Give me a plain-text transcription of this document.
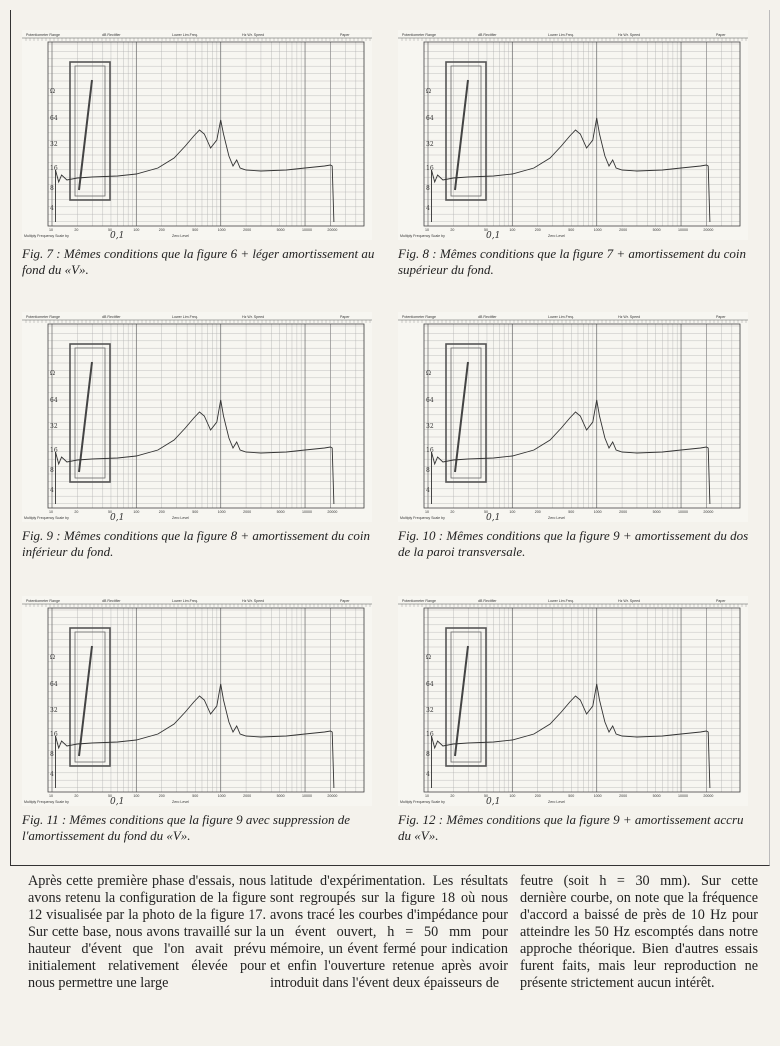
Potentiometer Range	dB Rectifier	Lower Lim.Freq.	Hz Wr. Speed	Paper
Ω
64
32
16
8
4
10	20	50	100	200	500	1000	2000	5000	10000	20000
Multiply Frequency Scale by	Zero Level
0,1
Fig. 7 : Mêmes conditions que la figure 6 + léger amortissement au fond du «V».
Potentiometer Range	dB Rectifier	Lower Lim.Freq.	Hz Wr. Speed	Paper
Ω
64
32
16
8
4
10	20	50	100	200	500	1000	2000	5000	10000	20000
Multiply Frequency Scale by	Zero Level
0,1
Fig. 8 : Mêmes conditions que la figure 7 + amortissement du coin supérieur du fond.
Potentiometer Range	dB Rectifier	Lower Lim.Freq.	Hz Wr. Speed	Paper
Ω
64
32
16
8
4
10	20	50	100	200	500	1000	2000	5000	10000	20000
Multiply Frequency Scale by	Zero Level
0,1
Fig. 9 : Mêmes conditions que la figure 8 + amortissement du coin inférieur du fond.
Potentiometer Range	dB Rectifier	Lower Lim.Freq.	Hz Wr. Speed	Paper
Ω
64
32
16
8
4
10	20	50	100	200	500	1000	2000	5000	10000	20000
Multiply Frequency Scale by	Zero Level
0,1
Fig. 10 : Mêmes conditions que la figure 9 + amortissement du dos de la paroi transversale.
Potentiometer Range	dB Rectifier	Lower Lim.Freq.	Hz Wr. Speed	Paper
Ω
64
32
16
8
4
10	20	50	100	200	500	1000	2000	5000	10000	20000
Multiply Frequency Scale by	Zero Level
0,1
Fig. 11 : Mêmes conditions que la figure 9 avec suppression de l'amortissement du fond du «V».
Potentiometer Range	dB Rectifier	Lower Lim.Freq.	Hz Wr. Speed	Paper
Ω
64
32
16
8
4
10	20	50	100	200	500	1000	2000	5000	10000	20000
Multiply Frequency Scale by	Zero Level
0,1
Fig. 12 : Mêmes conditions que la figure 9 + amortissement accru du «V».
Après cette première phase d'essais, nous avons retenu la configuration de la figure 12 visualisée par la photo de la figure 17. Sur cette base, nous avons travaillé sur la hauteur d'évent que l'on avait prévu initialement relativement élevée pour nous permettre une large
latitude d'expérimentation. Les résultats sont regroupés sur la figure 18 où nous avons tracé les courbes d'impédance pour un évent ouvert, h = 50 mm pour mémoire, un évent fermé pour indication et enfin l'ouverture retenue après avoir introduit dans l'évent deux épaisseurs de
feutre (soit h = 30 mm). Sur cette dernière courbe, on note que la fréquence d'accord a baissé de près de 10 Hz pour atteindre les 50 Hz escomptés dans notre approche théorique. Bien d'autres essais furent faits, mais leur reproduction ne présente strictement aucun intérêt.
